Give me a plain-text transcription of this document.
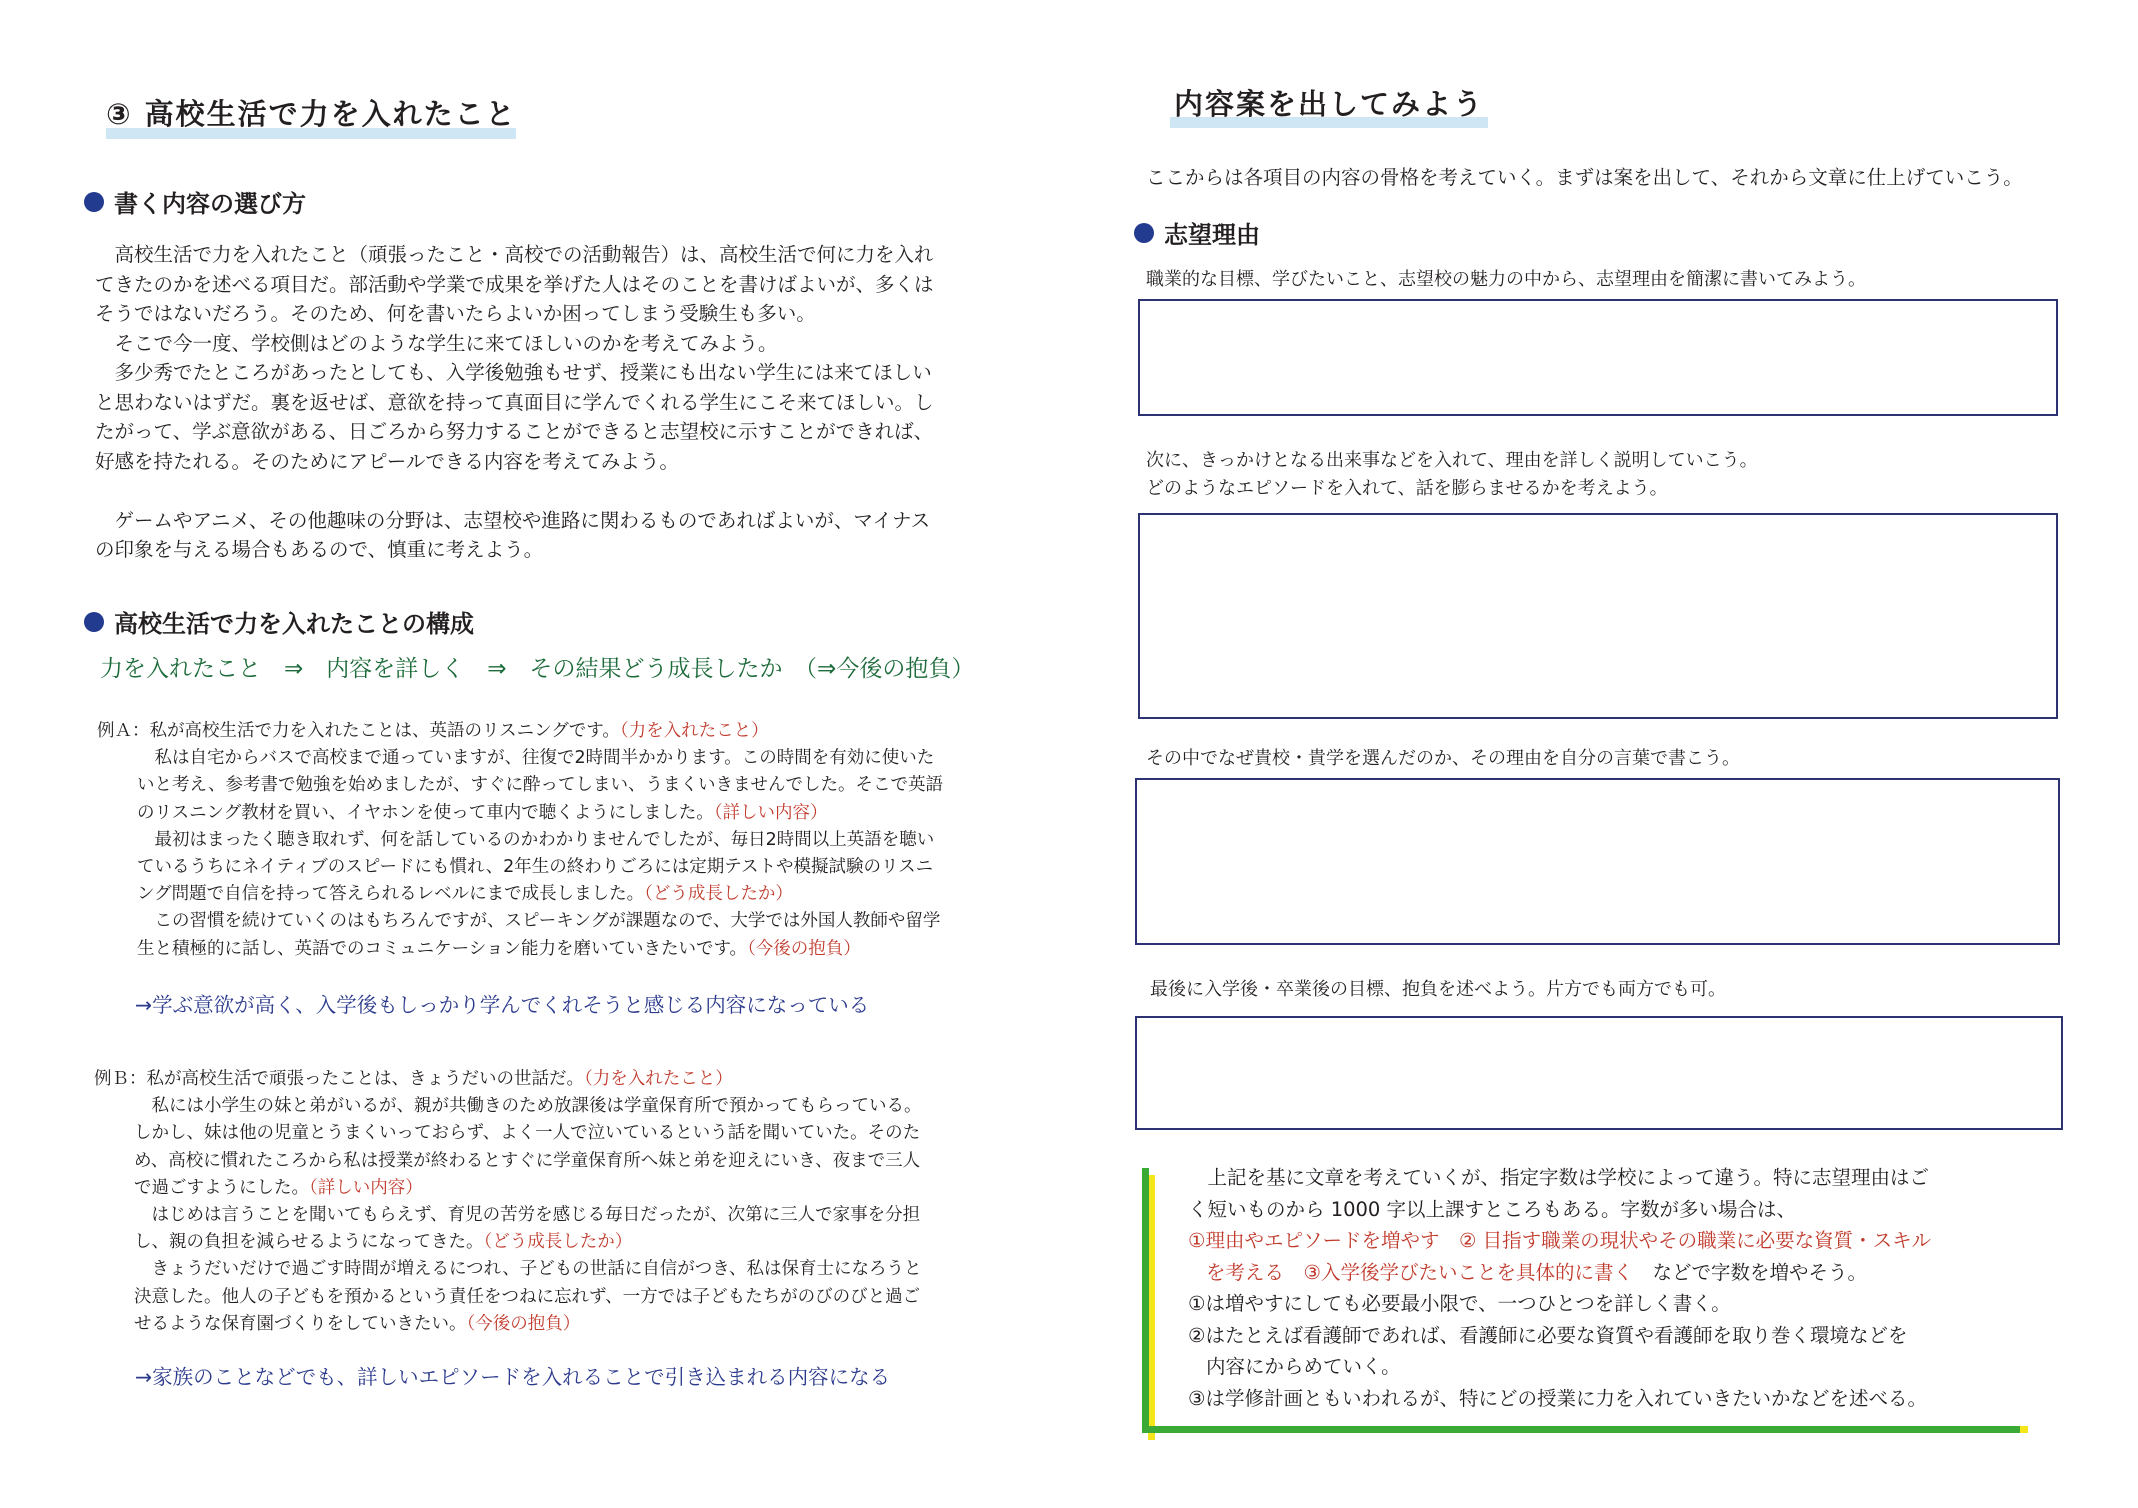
③ 高校生活で力を入れたこと
書く内容の選び方
　高校生活で力を入れたこと（頑張ったこと・高校での活動報告）は、高校生活で何に力を入れ
てきたのかを述べる項目だ。部活動や学業で成果を挙げた人はそのことを書けばよいが、多くは
そうではないだろう。そのため、何を書いたらよいか困ってしまう受験生も多い。
　そこで今一度、学校側はどのような学生に来てほしいのかを考えてみよう。
　多少秀でたところがあったとしても、入学後勉強もせず、授業にも出ない学生には来てほしい
と思わないはずだ。裏を返せば、意欲を持って真面目に学んでくれる学生にこそ来てほしい。し
たがって、学ぶ意欲がある、日ごろから努力することができると志望校に示すことができれば、
好感を持たれる。そのためにアピールできる内容を考えてみよう。

　ゲームやアニメ、その他趣味の分野は、志望校や進路に関わるものであればよいが、マイナス
の印象を与える場合もあるので、慎重に考えよう。
高校生活で力を入れたことの構成
力を入れたこと　⇒　内容を詳しく　⇒　その結果どう成長したか　（⇒今後の抱負）
例Ａ：私が高校生活で力を入れたことは、英語のリスニングです。（力を入れたこと）
　私は自宅からバスで高校まで通っていますが、往復で2時間半かかります。この時間を有効に使いた
いと考え、参考書で勉強を始めましたが、すぐに酔ってしまい、うまくいきませんでした。そこで英語
のリスニング教材を買い、イヤホンを使って車内で聴くようにしました。（詳しい内容）
　最初はまったく聴き取れず、何を話しているのかわかりませんでしたが、毎日2時間以上英語を聴い
ているうちにネイティブのスピードにも慣れ、2年生の終わりごろには定期テストや模擬試験のリスニ
ング問題で自信を持って答えられるレベルにまで成長しました。（どう成長したか）
　この習慣を続けていくのはもちろんですが、スピーキングが課題なので、大学では外国人教師や留学
生と積極的に話し、英語でのコミュニケーション能力を磨いていきたいです。（今後の抱負）
→学ぶ意欲が高く、入学後もしっかり学んでくれそうと感じる内容になっている
例Ｂ：私が高校生活で頑張ったことは、きょうだいの世話だ。（力を入れたこと）
　私には小学生の妹と弟がいるが、親が共働きのため放課後は学童保育所で預かってもらっている。
しかし、妹は他の児童とうまくいっておらず、よく一人で泣いているという話を聞いていた。そのた
め、高校に慣れたころから私は授業が終わるとすぐに学童保育所へ妹と弟を迎えにいき、夜まで三人
で過ごすようにした。（詳しい内容）
　はじめは言うことを聞いてもらえず、育児の苦労を感じる毎日だったが、次第に三人で家事を分担
し、親の負担を減らせるようになってきた。（どう成長したか）
　きょうだいだけで過ごす時間が増えるにつれ、子どもの世話に自信がつき、私は保育士になろうと
決意した。他人の子どもを預かるという責任をつねに忘れず、一方では子どもたちがのびのびと過ご
せるような保育園づくりをしていきたい。（今後の抱負）
→家族のことなどでも、詳しいエピソードを入れることで引き込まれる内容になる
内容案を出してみよう
ここからは各項目の内容の骨格を考えていく。まずは案を出して、それから文章に仕上げていこう。
志望理由
職業的な目標、学びたいこと、志望校の魅力の中から、志望理由を簡潔に書いてみよう。
次に、きっかけとなる出来事などを入れて、理由を詳しく説明していこう。
どのようなエピソードを入れて、話を膨らませるかを考えよう。
その中でなぜ貴校・貴学を選んだのか、その理由を自分の言葉で書こう。
最後に入学後・卒業後の目標、抱負を述べよう。片方でも両方でも可。
　上記を基に文章を考えていくが、指定字数は学校によって違う。特に志望理由はご
く短いものから 1000 字以上課すところもある。字数が多い場合は、
①理由やエピソードを増やす　② 目指す職業の現状やその職業に必要な資質・スキル
を考える　③入学後学びたいことを具体的に書く　などで字数を増やそう。
①は増やすにしても必要最小限で、一つひとつを詳しく書く。
②はたとえば看護師であれば、看護師に必要な資質や看護師を取り巻く環境などを
内容にからめていく。
③は学修計画ともいわれるが、特にどの授業に力を入れていきたいかなどを述べる。
